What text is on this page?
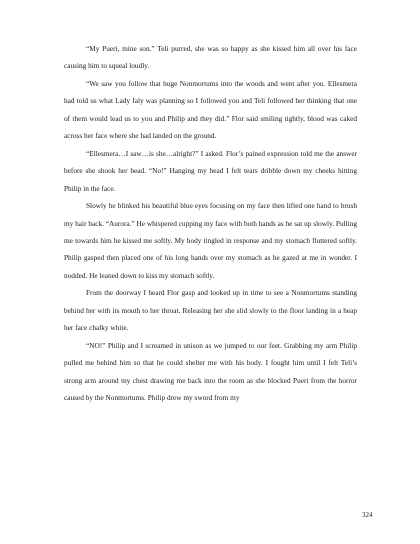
“My Pueri, mine son.” Teli purred, she was so happy as she kissed him all over his face causing him to squeal loudly.

“We saw you follow that huge Nonmortums into the woods and went after you. Ellesmera had told us what Lady Ialy was planning so I followed you and Teli followed her thinking that one of them would lead us to you and Philip and they did.” Flor said smiling tightly, blood was caked across her face where she had landed on the ground.

“Ellesmera…I saw…is she…alright?” I asked. Flor’s pained expression told me the answer before she shook her head. “No!” Hanging my head I felt tears dribble down my cheeks hitting Philip in the face.

Slowly he blinked his beautiful blue eyes focusing on my face then lifted one hand to brush my hair back. “Aurora.” He whispered cupping my face with both hands as he sat up slowly. Pulling me towards him he kissed me softly. My body tingled in response and my stomach fluttered softly. Philip gasped then placed one of his long hands over my stomach as he gazed at me in wonder. I nodded. He leaned down to kiss my stomach softly.

From the doorway I heard Flor gasp and looked up in time to see a Nonmortums standing behind her with its mouth to her throat. Releasing her she slid slowly to the floor landing in a heap her face chalky white.

“NO!” Philip and I screamed in unison as we jumped to our feet. Grabbing my arm Philip pulled me behind him so that he could shelter me with his body. I fought him until I felt Teli’s strong arm around my chest drawing me back into the room as she blocked Pueri from the horror caused by the Nonmortums. Philip drew my sword from my

324
